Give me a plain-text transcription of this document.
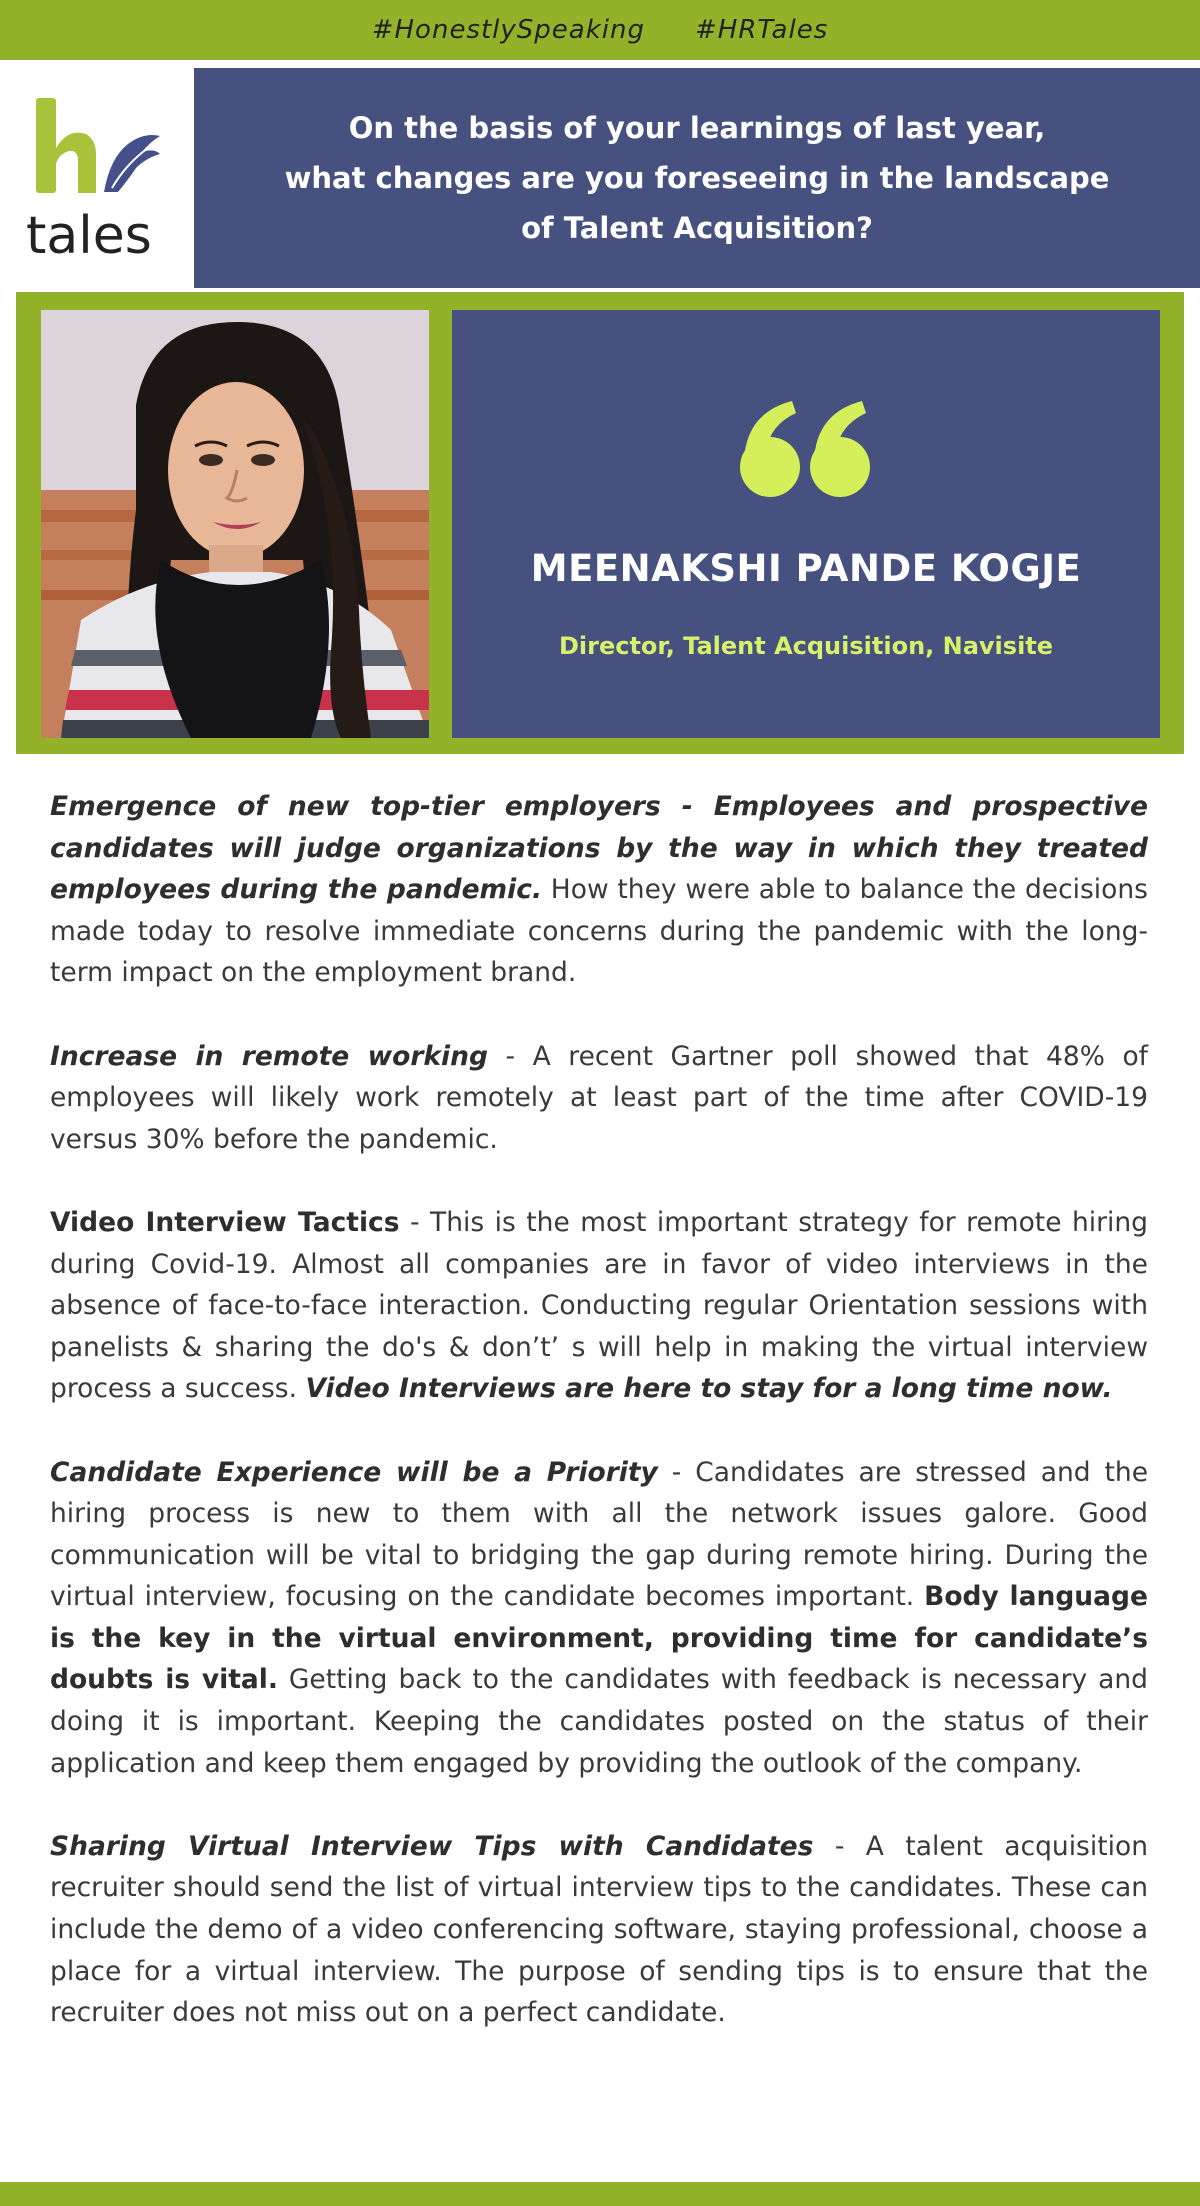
#HonestlySpeaking #HRTales
tales
On the basis of your learnings of last year,
what changes are you foreseeing in the landscape
of Talent Acquisition?
MEENAKSHI PANDE KOGJE
Director, Talent Acquisition, Navisite

Emergence of new top-tier employers - Employees and prospective candidates will judge organizations by the way in which they treated employees during the pandemic. How they were able to balance the decisions made today to resolve immediate concerns during the pandemic with the long-term impact on the employment brand.

Increase in remote working - A recent Gartner poll showed that 48% of employees will likely work remotely at least part of the time after COVID-19 versus 30% before the pandemic.

Video Interview Tactics - This is the most important strategy for remote hiring during Covid-19. Almost all companies are in favor of video interviews in the absence of face-to-face interaction. Conducting regular Orientation sessions with panelists & sharing the do's & don’t’ s will help in making the virtual interview process a success. Video Interviews are here to stay for a long time now.

Candidate Experience will be a Priority - Candidates are stressed and the hiring process is new to them with all the network issues galore. Good communication will be vital to bridging the gap during remote hiring. During the virtual interview, focusing on the candidate becomes important. Body language is the key in the virtual environment, providing time for candidate’s doubts is vital. Getting back to the candidates with feedback is necessary and doing it is important. Keeping the candidates posted on the status of their application and keep them engaged by providing the outlook of the company.

Sharing Virtual Interview Tips with Candidates - A talent acquisition recruiter should send the list of virtual interview tips to the candidates. These can include the demo of a video conferencing software, staying professional, choose a place for a virtual interview. The purpose of sending tips is to ensure that the recruiter does not miss out on a perfect candidate.
